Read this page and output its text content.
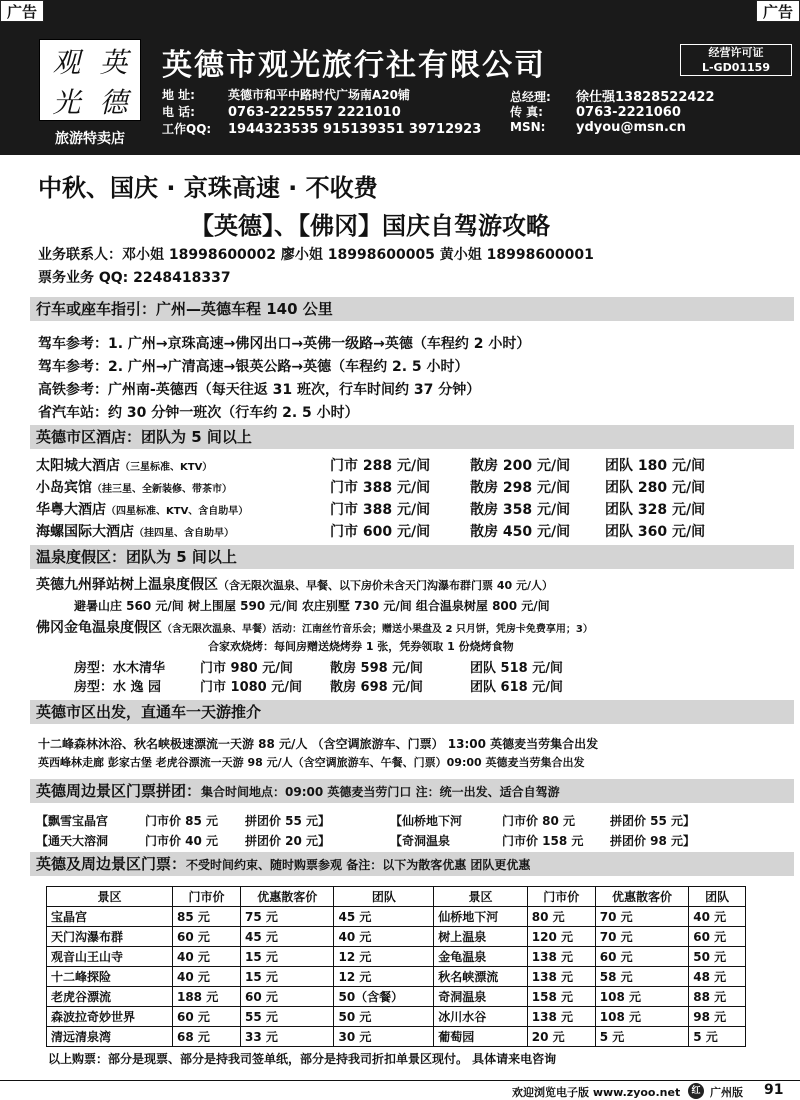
观 英
光 德
旅游特卖店
英德市观光旅行社有限公司	经营许可证
L-GD01159
地 址:	英德市和平中路时代广场南A20铺
电 话:	0763-2225557 2221010
工作QQ: 1944323535 915139351 39712923
总经理: 徐仕强13828522422
传 真:	0763-2221060
MSN: ydyou@msn.cn
广告	广告
中秋、国庆 · 京珠高速 · 不收费
【英德】、【佛冈】国庆自驾游攻略
业务联系人：邓小姐 18998600002 廖小姐 18998600005 黄小姐 18998600001
票务业务 QQ: 2248418337
行车或座车指引：广州—英德车程 140 公里
驾车参考：1. 广州→京珠高速→佛冈出口→英佛一级路→英德（车程约 2 小时）
驾车参考：2. 广州→广清高速→银英公路→英德（车程约 2. 5 小时）
高铁参考：广州南-英德西（每天往返 31 班次，行车时间约 37 分钟）
省汽车站：约 30 分钟一班次（行车约 2. 5 小时）
英德市区酒店：团队为 5 间以上
太阳城大酒店（三星标准、KTV）	门市 288 元/间	散房 200 元/间 团队 180 元/间
小岛宾馆（挂三星、全新装修、带茶市）	门市 388 元/间	散房 298 元/间 团队 280 元/间
华粤大酒店（四星标准、KTV、含自助早）	门市 388 元/间	散房 358 元/间 团队 328 元/间
海螺国际大酒店（挂四星、含自助早）	门市 600 元/间	散房 450 元/间 团队 360 元/间
温泉度假区：团队为 5 间以上
英德九州驿站树上温泉度假区（含无限次温泉、早餐、以下房价未含天门沟瀑布群门票 40 元/人）
避暑山庄 560 元/间 树上围屋 590 元/间 农庄别墅 730 元/间 组合温泉树屋 800 元/间
佛冈金龟温泉度假区（含无限次温泉、早餐）活动：江南丝竹音乐会；赠送小果盘及 2 只月饼，凭房卡免费享用；3）
合家欢烧烤：每间房赠送烧烤券 1 张，凭券领取 1 份烧烤食物
房型：水木清华	门市 980 元/间	散房 598 元/间	团队 518 元/间
房型：水 逸 园	门市 1080 元/间 散房 698 元/间	团队 618 元/间
英德市区出发，直通车一天游推介
十二峰森林沐浴、秋名峡极速漂流一天游 88 元/人 （含空调旅游车、门票） 13:00 英德麦当劳集合出发
英西峰林走廊 彭家古堡 老虎谷漂流一天游 98 元/人（含空调旅游车、午餐、门票）09:00 英德麦当劳集合出发
英德周边景区门票拼团：集合时间地点：09:00 英德麦当劳门口 注：统一出发、适合自驾游
【飘雪宝晶宫	门市价 85 元 拼团价 55 元】	【仙桥地下河	门市价 80 元	拼团价 55 元】
【通天大溶洞	门市价 40 元 拼团价 20 元】	【奇洞温泉	门市价 158 元 拼团价 98 元】
英德及周边景区门票：不受时间约束、随时购票参观 备注：以下为散客优惠 团队更优惠
景区	门市价	优惠散客价	团队	景区	门市价	优惠散客价	团队
宝晶宫	85 元	75 元	45 元	仙桥地下河	80 元	70 元	40 元
天门沟瀑布群	60 元	45 元	40 元	树上温泉	120 元	70 元	60 元
观音山王山寺	40 元	15 元	12 元	金龟温泉	138 元	60 元	50 元
十二峰探险	40 元	15 元	12 元	秋名峡漂流	138 元	58 元	48 元
老虎谷漂流	188 元	60 元	50（含餐）	奇洞温泉	158 元	108 元	88 元
森波拉奇妙世界	60 元	55 元	50 元	冰川水谷	138 元	108 元	98 元
清远清泉湾	68 元	33 元	30 元	葡萄园	20 元	5 元	5 元
以上购票：部分是现票、部分是持我司签单纸，部分是持我司折扣单景区现付。 具体请来电咨询
欢迎浏览电子版 www.zyoo.net	红 广州版 91
